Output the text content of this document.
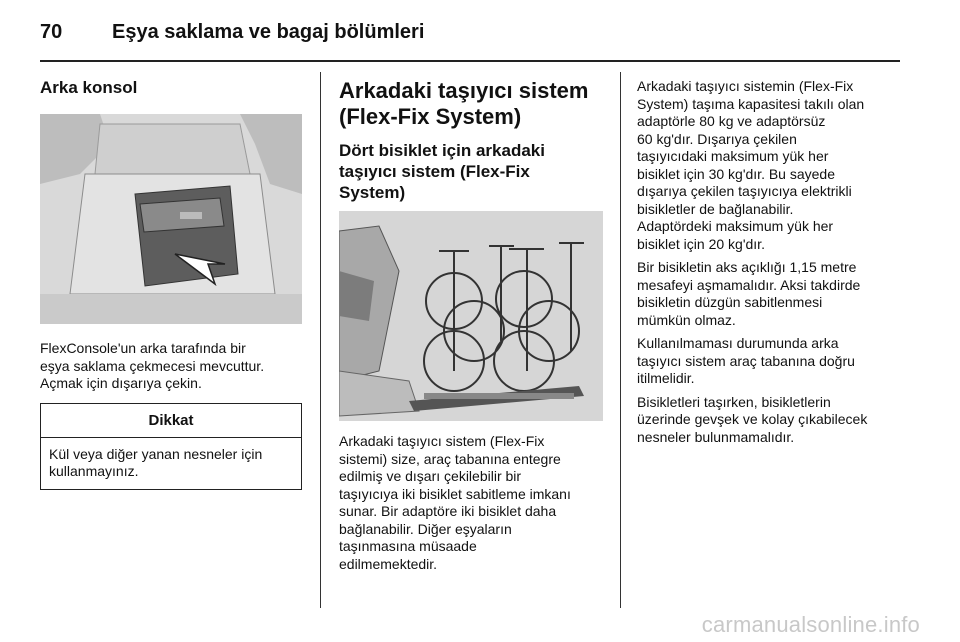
70	Eşya saklama ve bagaj bölümleri
Arka konsol
FlexConsole'un arka tarafında bir
eşya saklama çekmecesi mevcuttur.
Açmak için dışarıya çekin.
Dikkat
Kül veya diğer yanan nesneler için
kullanmayınız.
Arkadaki taşıyıcı sistem
(Flex-Fix System)
Dört bisiklet için arkadaki
taşıyıcı sistem (Flex-Fix
System)
Arkadaki taşıyıcı sistem (Flex-Fix
sistemi) size, araç tabanına entegre
edilmiş ve dışarı çekilebilir bir
taşıyıcıya iki bisiklet sabitleme imkanı
sunar. Bir adaptöre iki bisiklet daha
bağlanabilir. Diğer eşyaların
taşınmasına müsaade
edilmemektedir.
Arkadaki taşıyıcı sistemin (Flex-Fix
System) taşıma kapasitesi takılı olan
adaptörle 80 kg ve adaptörsüz
60 kg'dır. Dışarıya çekilen
taşıyıcıdaki maksimum yük her
bisiklet için 30 kg'dır. Bu sayede
dışarıya çekilen taşıyıcıya elektrikli
bisikletler de bağlanabilir.
Adaptördeki maksimum yük her
bisiklet için 20 kg'dır.
Bir bisikletin aks açıklığı 1,15 metre
mesafeyi aşmamalıdır. Aksi takdirde
bisikletin düzgün sabitlenmesi
mümkün olmaz.
Kullanılmaması durumunda arka
taşıyıcı sistem araç tabanına doğru
itilmelidir.
Bisikletleri taşırken, bisikletlerin
üzerinde gevşek ve kolay çıkabilecek
nesneler bulunmamalıdır.
carmanualsonline.info
